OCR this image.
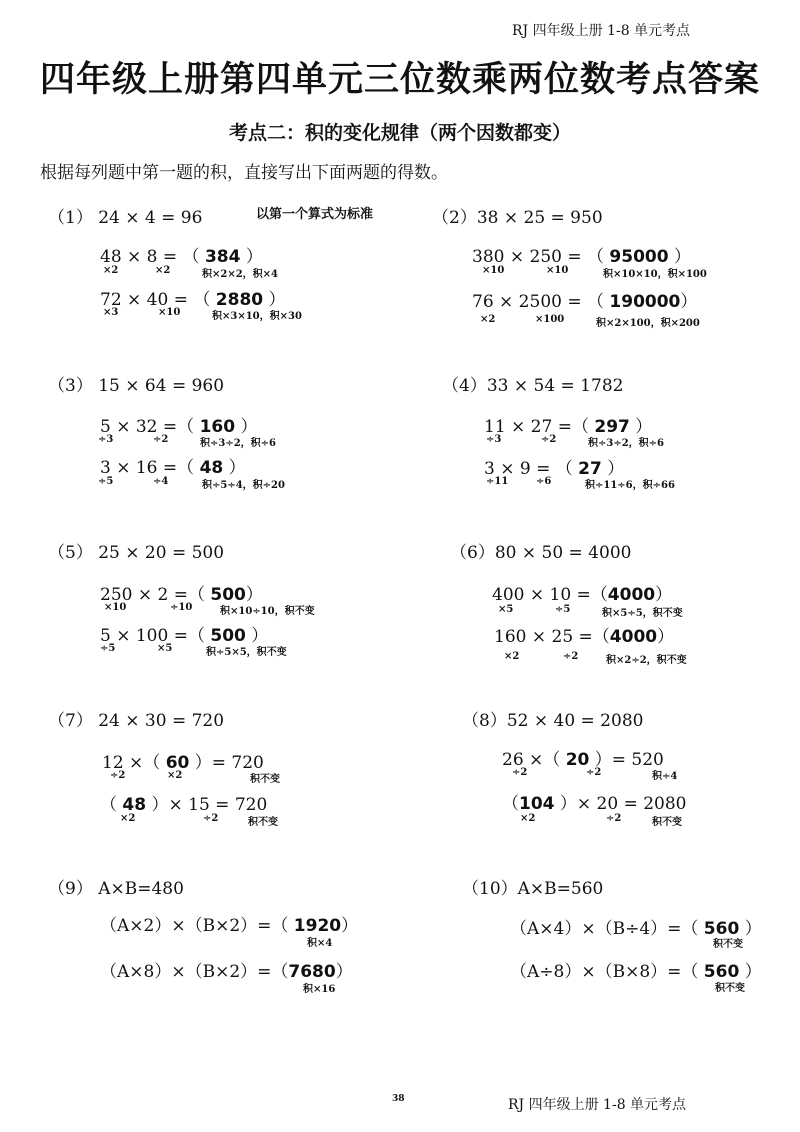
RJ 四年级上册 1-8 单元考点
四年级上册第四单元三位数乘两位数考点答案
考点二：积的变化规律（两个因数都变）
根据每列题中第一题的积，直接写出下面两题的得数。
以第一个算式为标准
（1） 24 × 4 = 96
48 × 8 = （ 384 ）
×2	×2	积×2×2，积×4
72 × 40 = （ 2880 ）
×3	×10	积×3×10，积×30
（2）38 × 25 = 950
380 × 250 = （ 95000 ）
×10	×10	积×10×10，积×100
76 × 2500 = （ 190000）
×2	×100	积×2×100，积×200
（3） 15 × 64 = 960
5 × 32 =（ 160 ）
÷3	÷2	积÷3÷2，积÷6
3 × 16 =（ 48 ）
÷5	÷4	积÷5÷4，积÷20
（4）33 × 54 = 1782
11 × 27 =（ 297 ）
÷3	÷2	积÷3÷2，积÷6
3 × 9 = （ 27 ）
÷11	÷6	积÷11÷6，积÷66
（5） 25 × 20 = 500
250 × 2 =（ 500）
×10	÷10	积×10÷10，积不变
5 × 100 =（ 500 ）
÷5	×5	积÷5×5，积不变
（6）80 × 50 = 4000
400 × 10 =（4000）
×5	÷5	积×5÷5，积不变
160 × 25 =（4000）
×2	÷2	积×2÷2，积不变
（7） 24 × 30 = 720
12 ×（ 60 ）= 720
÷2	×2	积不变
（ 48 ）× 15 = 720
×2	÷2	积不变
（8）52 × 40 = 2080
26 ×（ 20 ）= 520
÷2	÷2	积÷4
（104 ）× 20 = 2080
×2	÷2	积不变
（9） A×B=480
（A×2）×（B×2）=（ 1920）
积×4
（A×8）×（B×2）=（7680）
积×16
（10）A×B=560
（A×4）×（B÷4）=（ 560 ）
积不变
（A÷8）×（B×8）=（ 560 ）
积不变
38	RJ 四年级上册 1-8 单元考点
